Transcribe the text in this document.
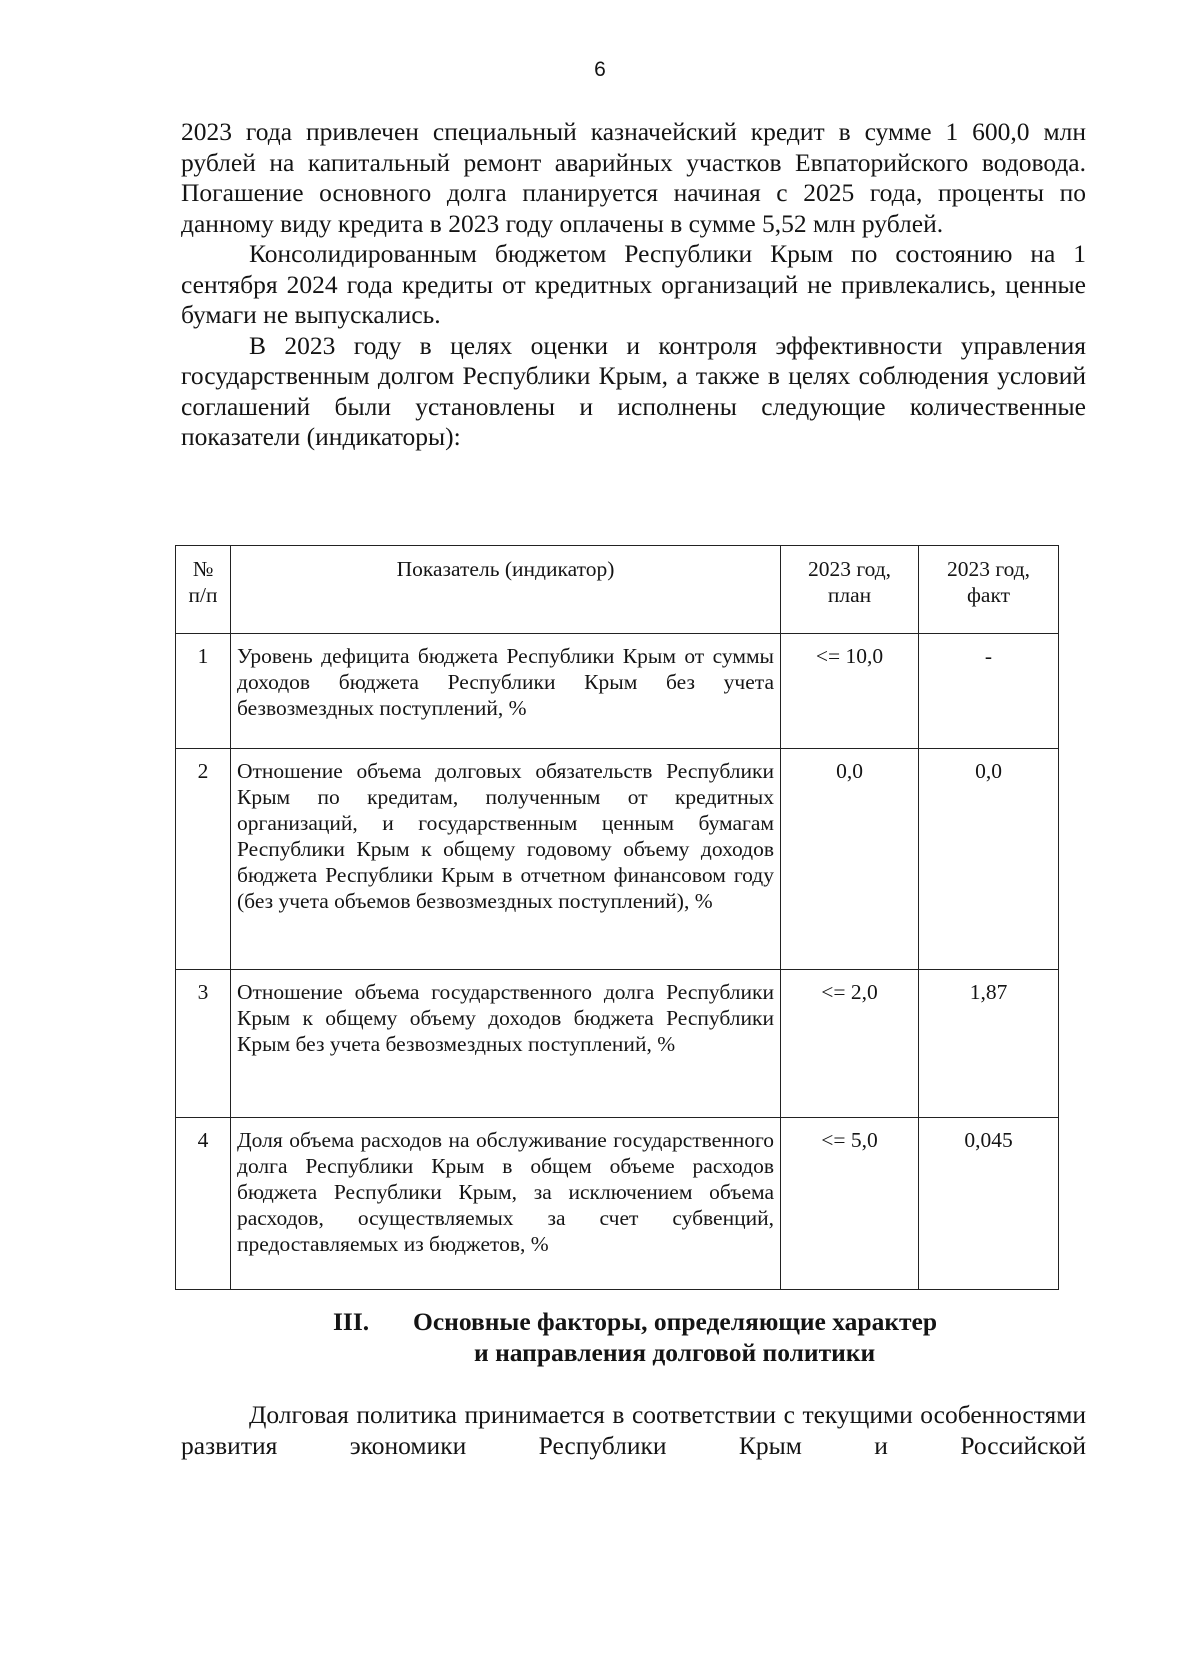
6

2023 года привлечен специальный казначейский кредит в сумме 1 600,0 млн рублей на капитальный ремонт аварийных участков Евпаторийского водовода. Погашение основного долга планируется начиная с 2025 года, проценты по данному виду кредита в 2023 году оплачены в сумме 5,52 млн рублей.

Консолидированным бюджетом Республики Крым по состоянию на 1 сентября 2024 года кредиты от кредитных организаций не привлекались, ценные бумаги не выпускались.

В 2023 году в целях оценки и контроля эффективности управления государственным долгом Республики Крым, а также в целях соблюдения условий соглашений были установлены и исполнены следующие количественные показатели (индикаторы):

№ п/п	Показатель (индикатор)	2023 год, план	2023 год, факт
1	Уровень дефицита бюджета Республики Крым от суммы доходов бюджета Республики Крым без учета безвозмездных поступлений, %	<= 10,0	-
2	Отношение объема долговых обязательств Республики Крым по кредитам, полученным от кредитных организаций, и государственным ценным бумагам Республики Крым к общему годовому объему доходов бюджета Республики Крым в отчетном финансовом году (без учета объемов безвозмездных поступлений), %	0,0	0,0
3	Отношение объема государственного долга Республики Крым к общему объему доходов бюджета Республики Крым без учета безвозмездных поступлений, %	<= 2,0	1,87
4	Доля объема расходов на обслуживание государственного долга Республики Крым в общем объеме расходов бюджета Республики Крым, за исключением объема расходов, осуществляемых за счет субвенций, предоставляемых из бюджетов, %	<= 5,0	0,045
III. Основные факторы, определяющие характер
и направления долговой политики
Долговая политика принимается в соответствии с текущими особенностями развития экономики Республики Крым и Российской
